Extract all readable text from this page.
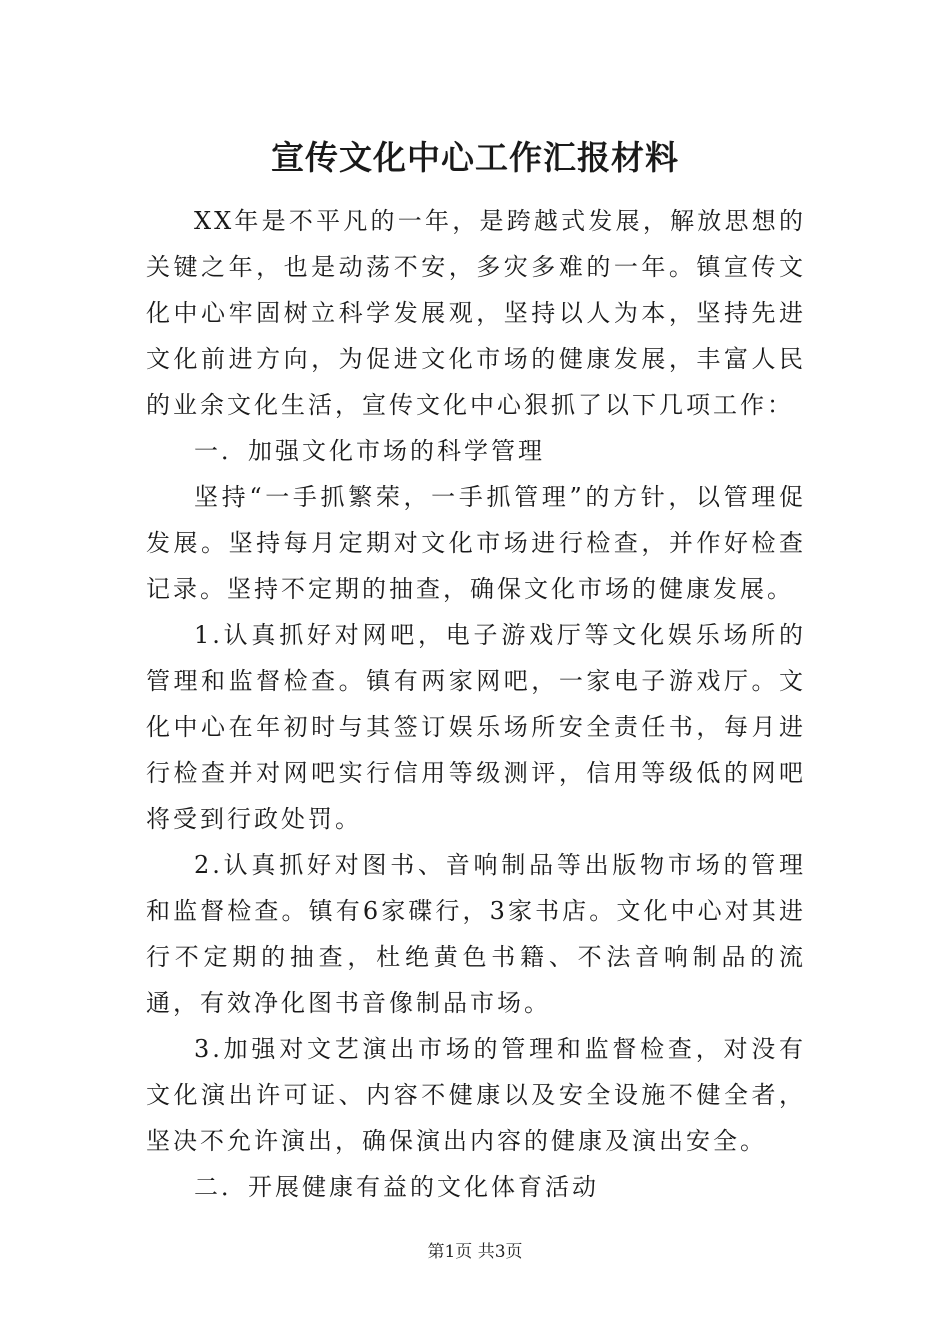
宣传文化中心工作汇报材料

XX年是不平凡的一年，是跨越式发展，解放思想的关键之年，也是动荡不安，多灾多难的一年。镇宣传文化中心牢固树立科学发展观，坚持以人为本，坚持先进文化前进方向，为促进文化市场的健康发展，丰富人民的业余文化生活，宣传文化中心狠抓了以下几项工作：

一．加强文化市场的科学管理

坚持“一手抓繁荣，一手抓管理”的方针，以管理促发展。坚持每月定期对文化市场进行检查，并作好检查记录。坚持不定期的抽查，确保文化市场的健康发展。

1.认真抓好对网吧，电子游戏厅等文化娱乐场所的管理和监督检查。镇有两家网吧，一家电子游戏厅。文化中心在年初时与其签订娱乐场所安全责任书，每月进行检查并对网吧实行信用等级测评，信用等级低的网吧将受到行政处罚。

2.认真抓好对图书、音响制品等出版物市场的管理和监督检查。镇有6家碟行，3家书店。文化中心对其进行不定期的抽查，杜绝黄色书籍、不法音响制品的流通，有效净化图书音像制品市场。

3.加强对文艺演出市场的管理和监督检查，对没有文化演出许可证、内容不健康以及安全设施不健全者，坚决不允许演出，确保演出内容的健康及演出安全。

二．开展健康有益的文化体育活动

第1页 共3页
